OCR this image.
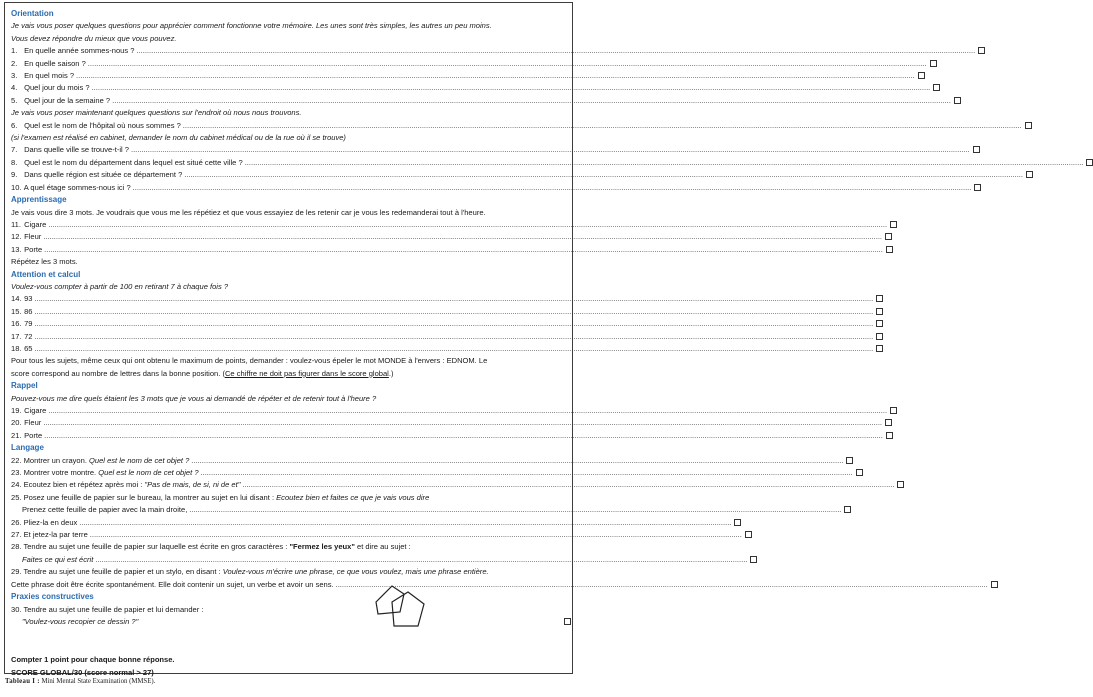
Orientation
Je vais vous poser quelques questions pour apprécier comment fonctionne votre mémoire. Les unes sont très simples, les autres un peu moins.
Vous devez répondre du mieux que vous pouvez.
1. En quelle année sommes-nous ? ................................................................................................................................................................................................................................................................................................................................................................................................................
2. En quelle saison ? ................................................................................................................................................................................................................................................................................................................................................................................................................
3. En quel mois ? ................................................................................................................................................................................................................................................................................................................................................................................................................
4. Quel jour du mois ? ................................................................................................................................................................................................................................................................................................................................................................................................................
5. Quel jour de la semaine ? ................................................................................................................................................................................................................................................................................................................................................................................................................
Je vais vous poser maintenant quelques questions sur l'endroit où nous nous trouvons.
6. Quel est le nom de l'hôpital où nous sommes ? ................................................................................................................................................................................................................................................................................................................................................................................................................
(si l'examen est réalisé en cabinet, demander le nom du cabinet médical ou de la rue où il se trouve)
7. Dans quelle ville se trouve-t-il ? ................................................................................................................................................................................................................................................................................................................................................................................................................
8. Quel est le nom du département dans lequel est situé cette ville ? ................................................................................................................................................................................................................................................................................................................................................................................................................
9. Dans quelle région est située ce département ? ................................................................................................................................................................................................................................................................................................................................................................................................................
10. A quel étage sommes-nous ici ? ................................................................................................................................................................................................................................................................................................................................................................................................................
Apprentissage
Je vais vous dire 3 mots. Je voudrais que vous me les répétiez et que vous essayiez de les retenir car je vous les redemanderai tout à l'heure.
11. Cigare ................................................................................................................................................................................................................................................................................................................................................................................................................
12. Fleur ................................................................................................................................................................................................................................................................................................................................................................................................................
13. Porte ................................................................................................................................................................................................................................................................................................................................................................................................................
Répétez les 3 mots.
Attention et calcul
Voulez-vous compter à partir de 100 en retirant 7 à chaque fois ?
14. 93 ................................................................................................................................................................................................................................................................................................................................................................................................................
15. 86 ................................................................................................................................................................................................................................................................................................................................................................................................................
16. 79 ................................................................................................................................................................................................................................................................................................................................................................................................................
17. 72 ................................................................................................................................................................................................................................................................................................................................................................................................................
18. 65 ................................................................................................................................................................................................................................................................................................................................................................................................................
Pour tous les sujets, même ceux qui ont obtenu le maximum de points, demander : voulez-vous épeler le mot MONDE à l'envers : EDNOM. Le
score correspond au nombre de lettres dans la bonne position. (Ce chiffre ne doit pas figurer dans le score global.)
Rappel
Pouvez-vous me dire quels étaient les 3 mots que je vous ai demandé de répéter et de retenir tout à l'heure ?
19. Cigare ................................................................................................................................................................................................................................................................................................................................................................................................................
20. Fleur ................................................................................................................................................................................................................................................................................................................................................................................................................
21. Porte ................................................................................................................................................................................................................................................................................................................................................................................................................
Langage
22. Montrer un crayon. Quel est le nom de cet objet ? .......................................................................................................................................................................................................................................................................................................................
23. Montrer votre montre. Quel est le nom de cet objet ? .......................................................................................................................................................................................................................................................................................................................
24. Ecoutez bien et répétez après moi : "Pas de mais, de si, ni de et" .......................................................................................................................................................................................................................................................................................................................
25. Posez une feuille de papier sur le bureau, la montrer au sujet en lui disant : Ecoutez bien et faites ce que je vais vous dire
Prenez cette feuille de papier avec la main droite, .......................................................................................................................................................................................................................................................................................................................
26. Pliez-la en deux .......................................................................................................................................................................................................................................................................................................................
27. Et jetez-la par terre .......................................................................................................................................................................................................................................................................................................................
28. Tendre au sujet une feuille de papier sur laquelle est écrite en gros caractères : "Fermez les yeux" et dire au sujet :
Faites ce qui est écrit .......................................................................................................................................................................................................................................................................................................................
29. Tendre au sujet une feuille de papier et un stylo, en disant : Voulez-vous m'écrire une phrase, ce que vous voulez, mais une phrase entière.
Cette phrase doit être écrite spontanément. Elle doit contenir un sujet, un verbe et avoir un sens. .......................................................................................................................................................................................................................................................................................................................
Praxies constructives
30. Tendre au sujet une feuille de papier et lui demander :
"Voulez-vous recopier ce dessin ?"
Compter 1 point pour chaque bonne réponse.
SCORE GLOBAL/30 (score normal > 27)
Tableau I : Mini Mental State Examination (MMSE).
